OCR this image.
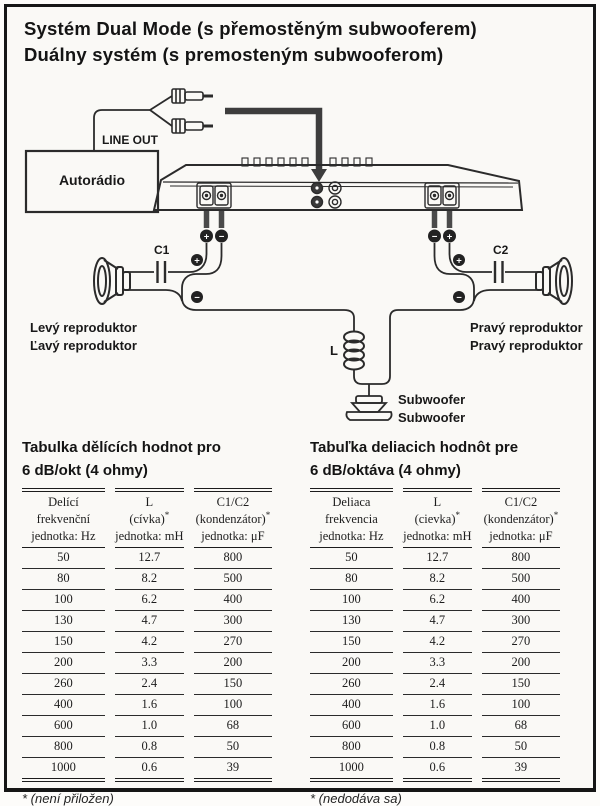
Systém Dual Mode (s přemostěným subwooferem)
Duálny systém (s premosteným subwooferom)
+ −	− +
+
−
+
−
LINE OUT
Autorádio
C1	C2
L
Levý reproduktor
Ľavý reproduktor
Pravý reproduktor
Pravý reproduktor
Subwoofer
Subwoofer
Tabulka dělících hodnot pro
6 dB/okt (4 ohmy)
Delící
frekvenční
jednotka: Hz

L
(cívka)*
jednotka: mH

C1/C2
(kondenzátor)*
jednotka: μF

50	12.7	800
80	8.2	500
100	6.2	400
130	4.7	300
150	4.2	270
200	3.3	200
260	2.4	150
400	1.6	100
600	1.0	68
800	0.8	50
1000	0.6	39
* (není přiložen)
Tabuľka deliacich hodnôt pre
6 dB/oktáva (4 ohmy)
Deliaca
frekvencia
jednotka: Hz

L
(cievka)*
jednotka: mH

C1/C2
(kondenzátor)*
jednotka: μF

50	12.7	800
80	8.2	500
100	6.2	400
130	4.7	300
150	4.2	270
200	3.3	200
260	2.4	150
400	1.6	100
600	1.0	68
800	0.8	50
1000	0.6	39
* (nedodáva sa)
